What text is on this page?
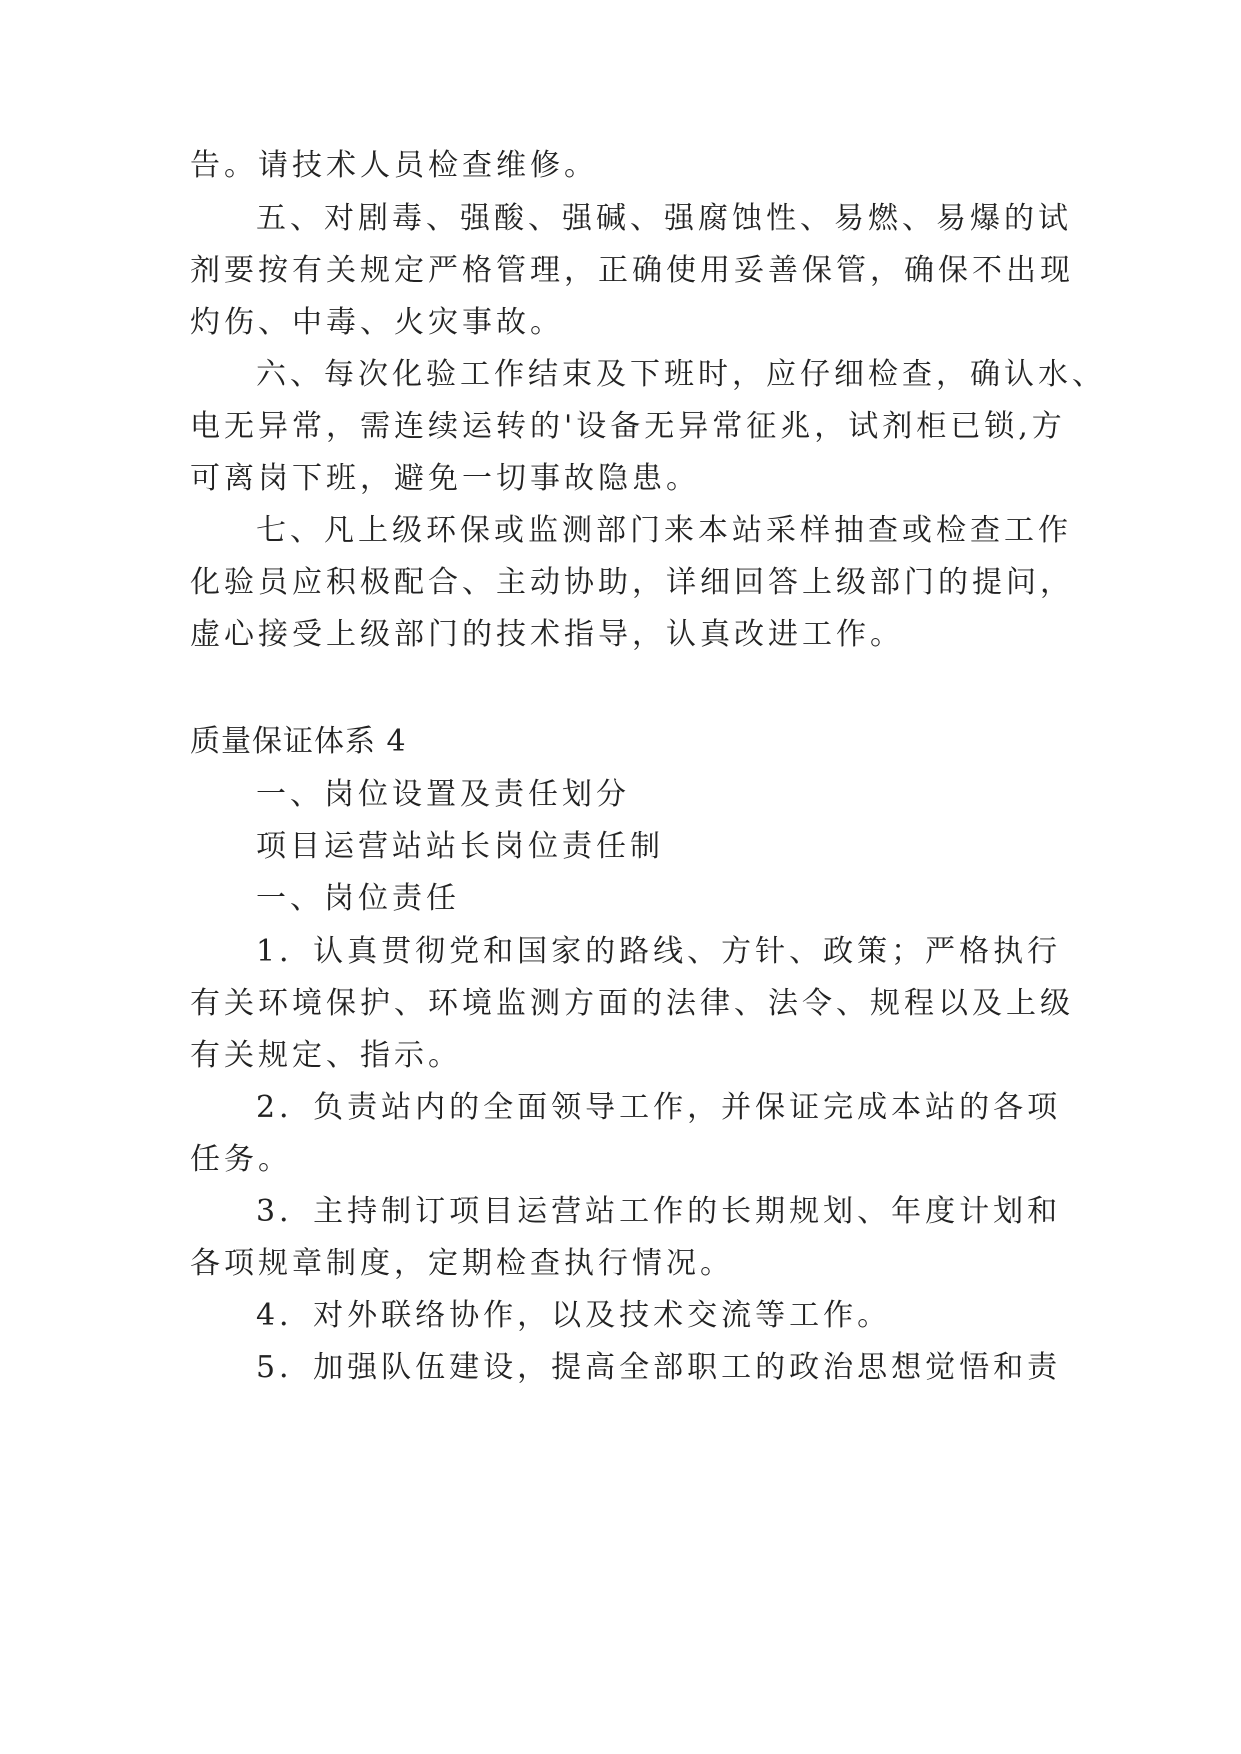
告。请技术人员检查维修。
五、对剧毒、强酸、强碱、强腐蚀性、易燃、易爆的试
剂要按有关规定严格管理，正确使用妥善保管，确保不出现
灼伤、中毒、火灾事故。
六、每次化验工作结束及下班时，应仔细检查，确认水、
电无异常，需连续运转的'设备无异常征兆，试剂柜已锁,方
可离岗下班，避免一切事故隐患。
七、凡上级环保或监测部门来本站采样抽查或检查工作
化验员应积极配合、主动协助，详细回答上级部门的提问，
虚心接受上级部门的技术指导，认真改进工作。
质量保证体系 4
一、岗位设置及责任划分
项目运营站站长岗位责任制
一、岗位责任
1．认真贯彻党和国家的路线、方针、政策；严格执行
有关环境保护、环境监测方面的法律、法令、规程以及上级
有关规定、指示。
2．负责站内的全面领导工作，并保证完成本站的各项
任务。
3．主持制订项目运营站工作的长期规划、年度计划和
各项规章制度，定期检查执行情况。
4．对外联络协作，以及技术交流等工作。
5．加强队伍建设，提高全部职工的政治思想觉悟和责
